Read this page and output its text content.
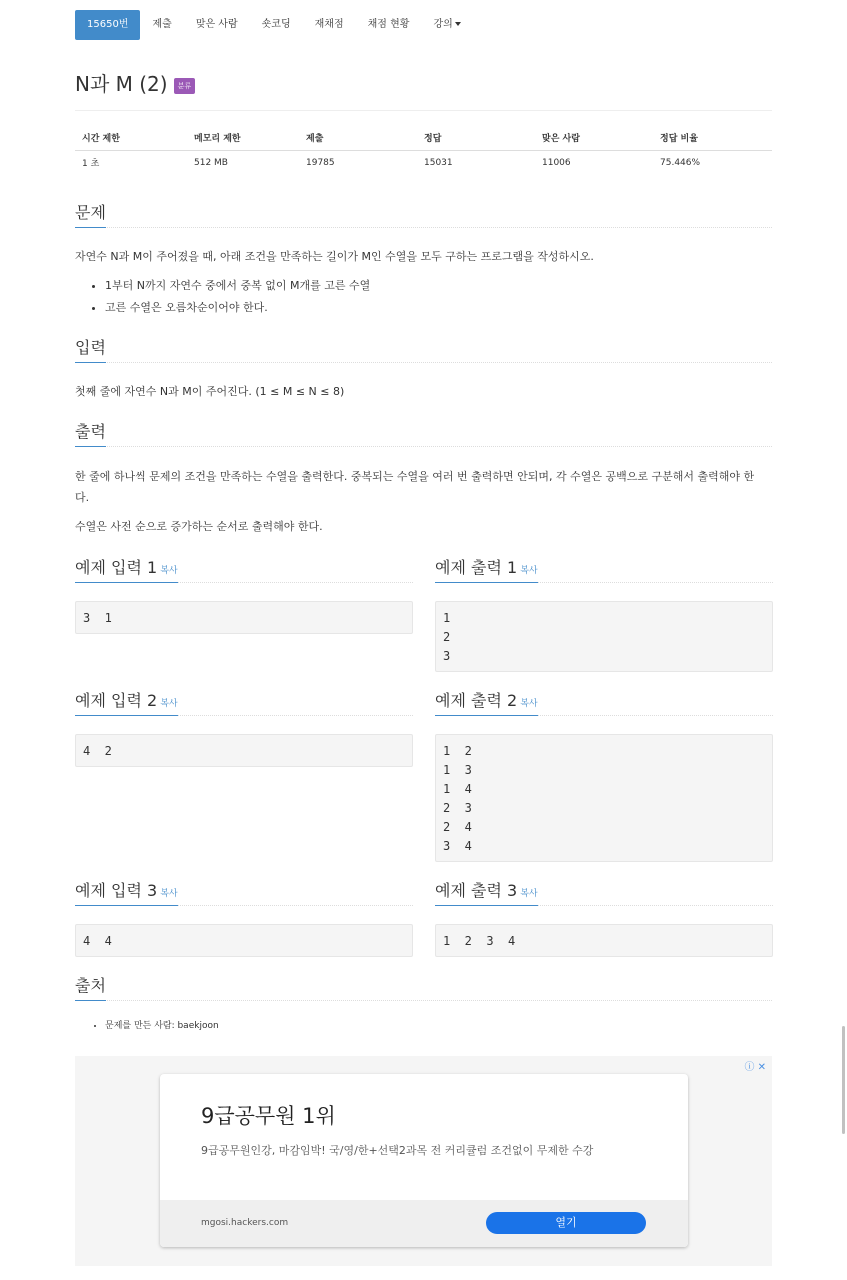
15650번	제출	맞은 사람	숏코딩	재채점	채점 현황	강의
N과 M (2)	분류
시간 제한	메모리 제한	제출	정답	맞은 사람	정답 비율
1 초	512 MB	19785	15031	11006	75.446%
문제
자연수 N과 M이 주어졌을 때, 아래 조건을 만족하는 길이가 M인 수열을 모두 구하는 프로그램을 작성하시오.
• 1부터 N까지 자연수 중에서 중복 없이 M개를 고른 수열
• 고른 수열은 오름차순이어야 한다.
입력
첫째 줄에 자연수 N과 M이 주어진다. (1 ≤ M ≤ N ≤ 8)
출력
한 줄에 하나씩 문제의 조건을 만족하는 수열을 출력한다. 중복되는 수열을 여러 번 출력하면 안되며, 각 수열은 공백으로 구분해서 출력해야 한
다.
수열은 사전 순으로 증가하는 순서로 출력해야 한다.
예제 입력 1 복사	예제 출력 1 복사
3  1	1
2
3
예제 입력 2 복사	예제 출력 2 복사
4  2	1  2
1  3
1  4
2  3
2  4
3  4
예제 입력 3 복사	예제 출력 3 복사
4  4	1  2  3  4
출처
• 문제를 만든 사람: baekjoon
ⓘ ✕
9급공무원 1위
9급공무원인강, 마감임박! 국/영/한+선택2과목 전 커리큘럼 조건없이 무제한 수강
mgosi.hackers.com	열기
